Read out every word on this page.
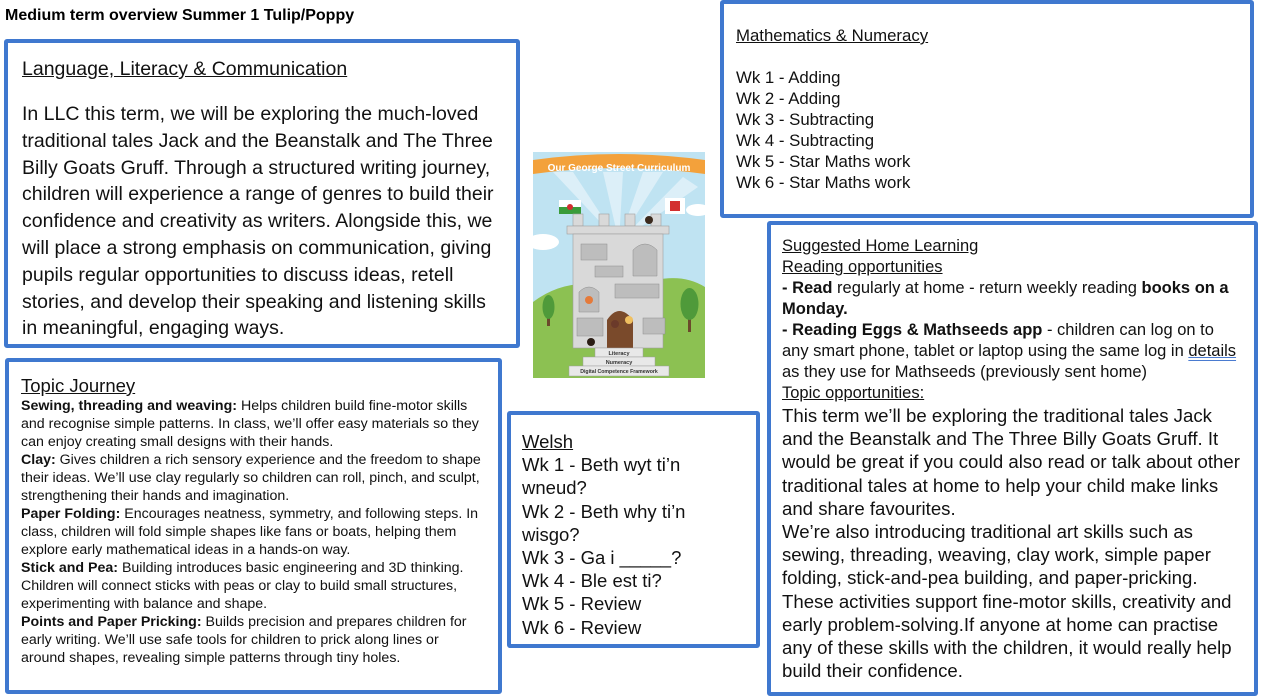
Medium term overview Summer 1 Tulip/Poppy
Language, Literacy & Communication
In LLC this term, we will be exploring the much-loved traditional tales Jack and the Beanstalk and The Three Billy Goats Gruff. Through a structured writing journey, children will experience a range of genres to build their confidence and creativity as writers. Alongside this, we will place a strong emphasis on communication, giving pupils regular opportunities to discuss ideas, retell stories, and develop their speaking and listening skills in meaningful, engaging ways.
Topic Journey
Sewing, threading and weaving: Helps children build fine-motor skills and recognise simple patterns. In class, we’ll offer easy materials so they can enjoy creating small designs with their hands.
Clay: Gives children a rich sensory experience and the freedom to shape their ideas. We’ll use clay regularly so children can roll, pinch, and sculpt, strengthening their hands and imagination.
Paper Folding: Encourages neatness, symmetry, and following steps. In class, children will fold simple shapes like fans or boats, helping them explore early mathematical ideas in a hands-on way.
Stick and Pea: Building introduces basic engineering and 3D thinking. Children will connect sticks with peas or clay to build small structures, experimenting with balance and shape.
Points and Paper Pricking: Builds precision and prepares children for early writing. We’ll use safe tools for children to prick along lines or around shapes, revealing simple patterns through tiny holes.
Mathematics & Numeracy
Wk 1 - Adding
Wk 2 - Adding
Wk 3 - Subtracting
Wk 4 - Subtracting
Wk 5 - Star Maths work
Wk 6 - Star Maths work
Our George Street Curriculum
Literacy
Numeracy
Digital Competence Framework
Suggested Home Learning
Reading opportunities
- Read regularly at home - return weekly reading books on a Monday.
- Reading Eggs & Mathseeds app - children can log on to any smart phone, tablet or laptop using the same log in details as they use for Mathseeds (previously sent home)
Topic opportunities:
This term we’ll be exploring the traditional tales Jack and the Beanstalk and The Three Billy Goats Gruff. It would be great if you could also read or talk about other traditional tales at home to help your child make links and share favourites.
We’re also introducing traditional art skills such as sewing, threading, weaving, clay work, simple paper folding, stick-and-pea building, and paper-pricking. These activities support fine-motor skills, creativity and early problem-solving.If anyone at home can practise any of these skills with the children, it would really help build their confidence.
Welsh
Wk 1 - Beth wyt ti’n wneud?
Wk 2 - Beth why ti’n wisgo?
Wk 3 - Ga i _____?
Wk 4 - Ble est ti?
Wk 5 - Review
Wk 6 - Review
